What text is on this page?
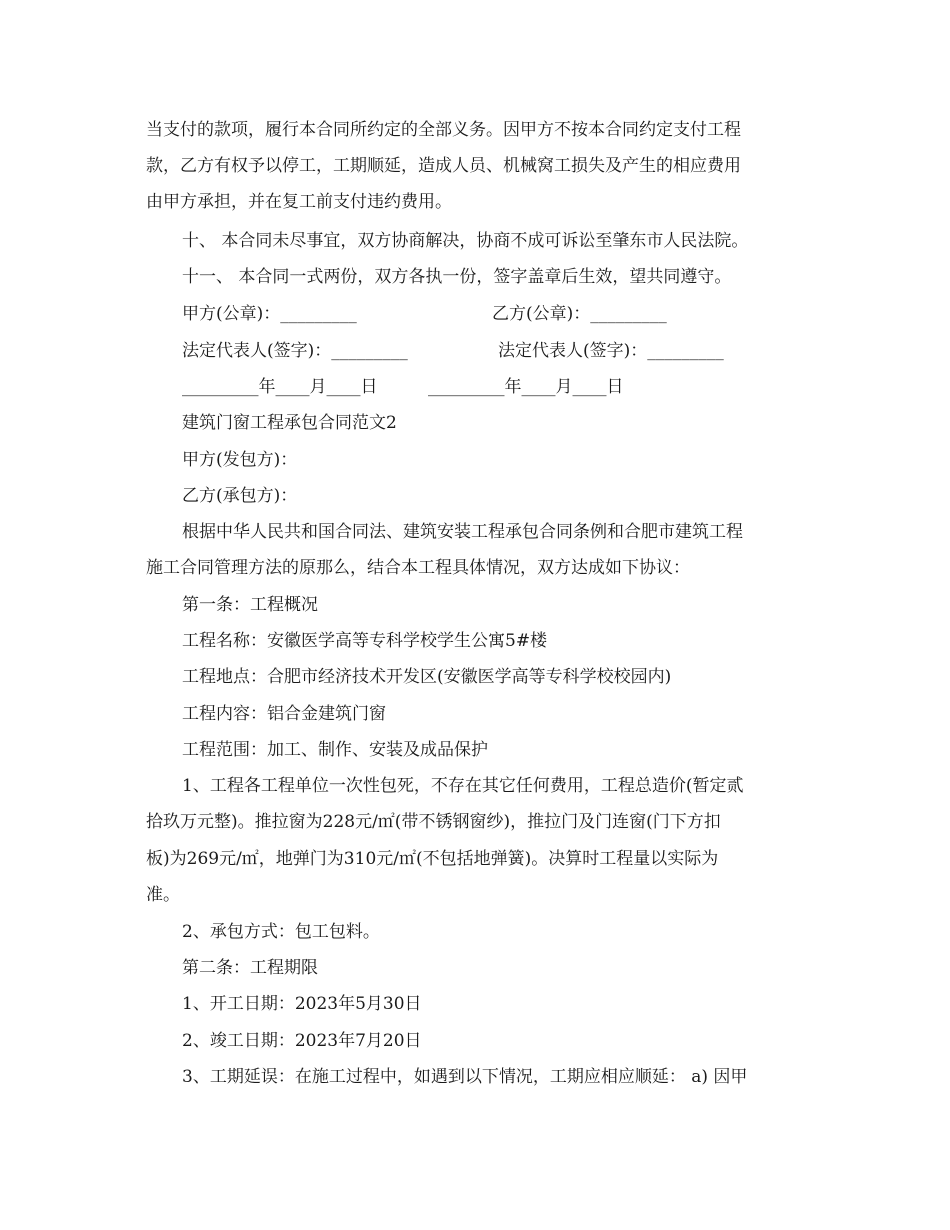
当支付的款项，履行本合同所约定的全部义务。因甲方不按本合同约定支付工程
款，乙方有权予以停工，工期顺延，造成人员、机械窝工损失及产生的相应费用
由甲方承担，并在复工前支付违约费用。
十、 本合同未尽事宜，双方协商解决，协商不成可诉讼至肇东市人民法院。
十一、 本合同一式两份，双方各执一份，签字盖章后生效，望共同遵守。
甲方(公章)：_________	乙方(公章)：_________
法定代表人(签字)：_________	法定代表人(签字)：_________
_________年____月____日	_________年____月____日
建筑门窗工程承包合同范文2
甲方(发包方)：
乙方(承包方)：
根据中华人民共和国合同法、建筑安装工程承包合同条例和合肥市建筑工程
施工合同管理方法的原那么，结合本工程具体情况，双方达成如下协议：
第一条：工程概况
工程名称：安徽医学高等专科学校学生公寓5#楼
工程地点：合肥市经济技术开发区(安徽医学高等专科学校校园内)
工程内容：铝合金建筑门窗
工程范围：加工、制作、安装及成品保护
1、工程各工程单位一次性包死，不存在其它任何费用，工程总造价(暂定贰
拾玖万元整)。推拉窗为228元/㎡(带不锈钢窗纱)，推拉门及门连窗(门下方扣
板)为269元/㎡，地弹门为310元/㎡(不包括地弹簧)。决算时工程量以实际为
准。
2、承包方式：包工包料。
第二条：工程期限
1、开工日期：2023年5月30日
2、竣工日期：2023年7月20日
3、工期延误：在施工过程中，如遇到以下情况，工期应相应顺延： a) 因甲
